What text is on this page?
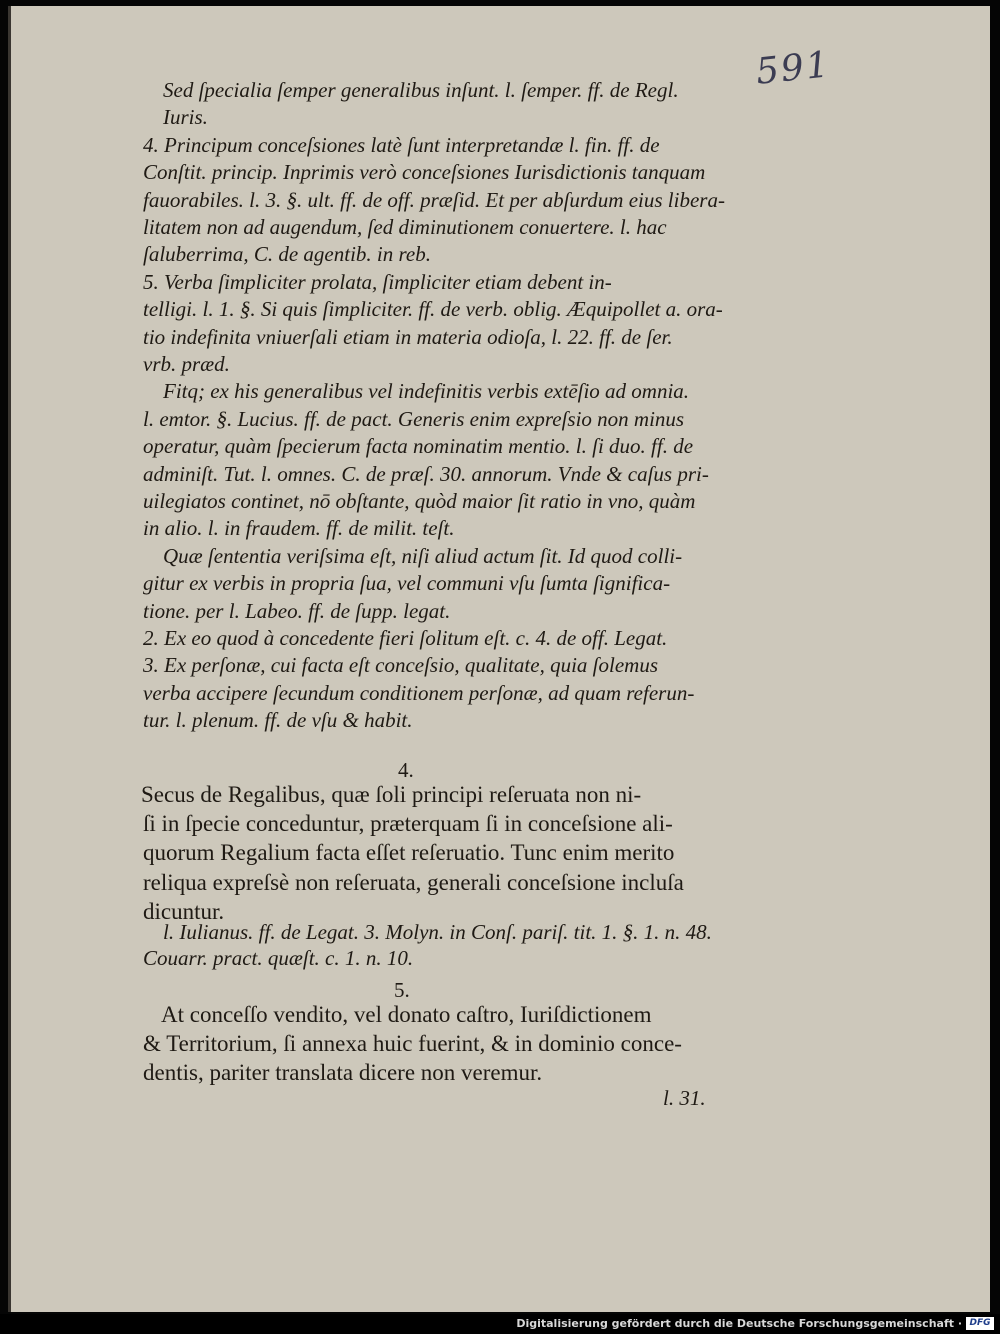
591
Sed ſpecialia ſemper generalibus inſunt. l. ſemper. ff. de Regl.
Iuris.
4. Principum conceſsiones latè ſunt interpretandæ l. fin. ff. de
Conſtit. princip. Inprimis verò conceſsiones Iurisdictionis tanquam
fauorabiles. l. 3. §. ult. ff. de off. præſid. Et per abſurdum eius libera-
litatem non ad augendum, ſed diminutionem conuertere. l. hac
ſaluberrima, C. de agentib. in reb.
5. Verba ſimpliciter prolata, ſimpliciter etiam debent in-
telligi. l. 1. §. Si quis ſimpliciter. ff. de verb. oblig. Æquipollet a. ora-
tio indefinita vniuerſali etiam in materia odioſa, l. 22. ff. de ſer.
vrb. præd.
Fitq; ex his generalibus vel indefinitis verbis extēſio ad omnia.
l. emtor. §. Lucius. ff. de pact. Generis enim expreſsio non minus
operatur, quàm ſpecierum facta nominatim mentio. l. ſi duo. ff. de
adminiſt. Tut. l. omnes. C. de præſ. 30. annorum. Vnde & caſus pri-
uilegiatos continet, nō obſtante, quòd maior ſit ratio in vno, quàm
in alio. l. in fraudem. ff. de milit. teſt.
Quæ ſententia veriſsima eſt, niſi aliud actum ſit. Id quod colli-
gitur ex verbis in propria ſua, vel communi vſu ſumta ſignifica-
tione. per l. Labeo. ff. de ſupp. legat.
2. Ex eo quod à concedente fieri ſolitum eſt. c. 4. de off. Legat.
3. Ex perſonæ, cui facta eſt conceſsio, qualitate, quia ſolemus
verba accipere ſecundum conditionem perſonæ, ad quam referun-
tur. l. plenum. ff. de vſu & habit.
4.
Secus de Regalibus, quæ ſoli principi reſeruata non ni-
ſi in ſpecie conceduntur, præterquam ſi in conceſsione ali-
quorum Regalium facta eſſet reſeruatio. Tunc enim merito
reliqua expreſsè non reſeruata, generali conceſsione incluſa
dicuntur.
l. Iulianus. ff. de Legat. 3. Molyn. in Conſ. pariſ. tit. 1. §. 1. n. 48.
Couarr. pract. quæſt. c. 1. n. 10.
5.
At conceſſo vendito, vel donato caſtro, Iuriſdictionem
& Territorium, ſi annexa huic fuerint, & in dominio conce-
dentis, pariter translata dicere non veremur.
l. 31.
Digitalisierung gefördert durch die Deutsche Forschungsgemeinschaft · DFG
